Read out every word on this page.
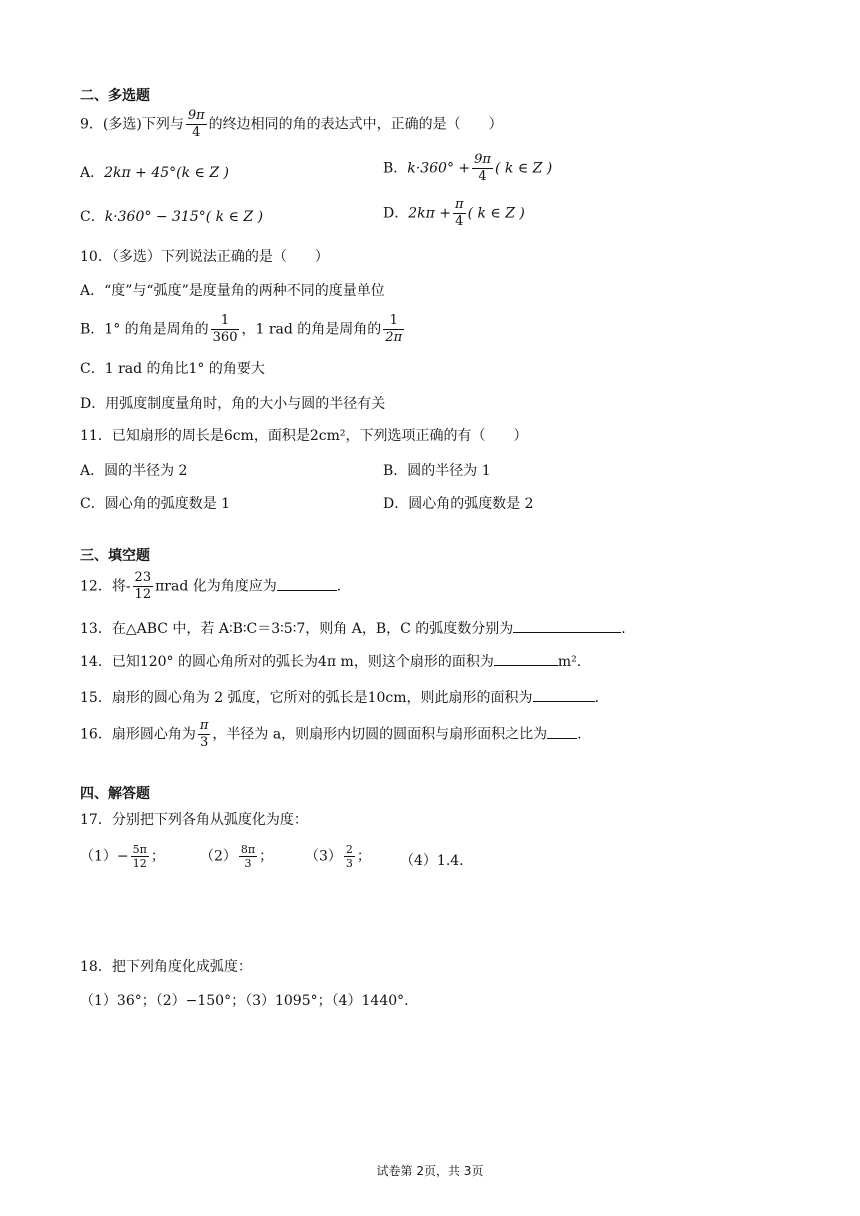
二、多选题
9．(多选)下列与 $\frac{9\pi}{4}$ 的终边相同的角的表达式中，正确的是（　　）
A．2kπ + 45°(k ∈ Z )	B．$k\cdot 360^\circ + \frac{9\pi}{4}$ ( k ∈ Z )
C．k·360° − 315°( k ∈ Z )	D．$2k\pi + \frac{\pi}{4}$ ( k ∈ Z )
10．（多选）下列说法正确的是（　　）
A．“度”与“弧度”是度量角的两种不同的度量单位
B．1° 的角是周角的 $\frac{1}{360}$ ，1 rad 的角是周角的 $\frac{1}{2\pi}$
C．1 rad 的角比1° 的角要大
D．用弧度制度量角时，角的大小与圆的半径有关
11．已知扇形的周长是6cm，面积是2cm²，下列选项正确的有（　　）
A．圆的半径为 2	B．圆的半径为 1
C．圆心角的弧度数是 1	D．圆心角的弧度数是 2
三、填空题
12．将- $\frac{23}{12}$ πrad 化为角度应为	.
13．在△ABC 中，若 A∶B∶C＝3∶5∶7，则角 A，B，C 的弧度数分别为	.
14．已知120° 的圆心角所对的弧长为4π m，则这个扇形的面积为	m².
15．扇形的圆心角为 2 弧度，它所对的弧长是10cm，则此扇形的面积为	.
16．扇形圆心角为 $\frac{\pi}{3}$ ，半径为 a，则扇形内切圆的圆面积与扇形面积之比为 .
四、解答题
17．分别把下列各角从弧度化为度：
$(1)- \frac{5\pi}{12}$ ；	$(2) \frac{8\pi}{3}$ ； $(3) \frac{2}{3}$ ； （4）1.4.
18．把下列角度化成弧度：
（1）36°；（2）−150°；（3）1095°；（4）1440°.
试卷第 2页，共 3页
